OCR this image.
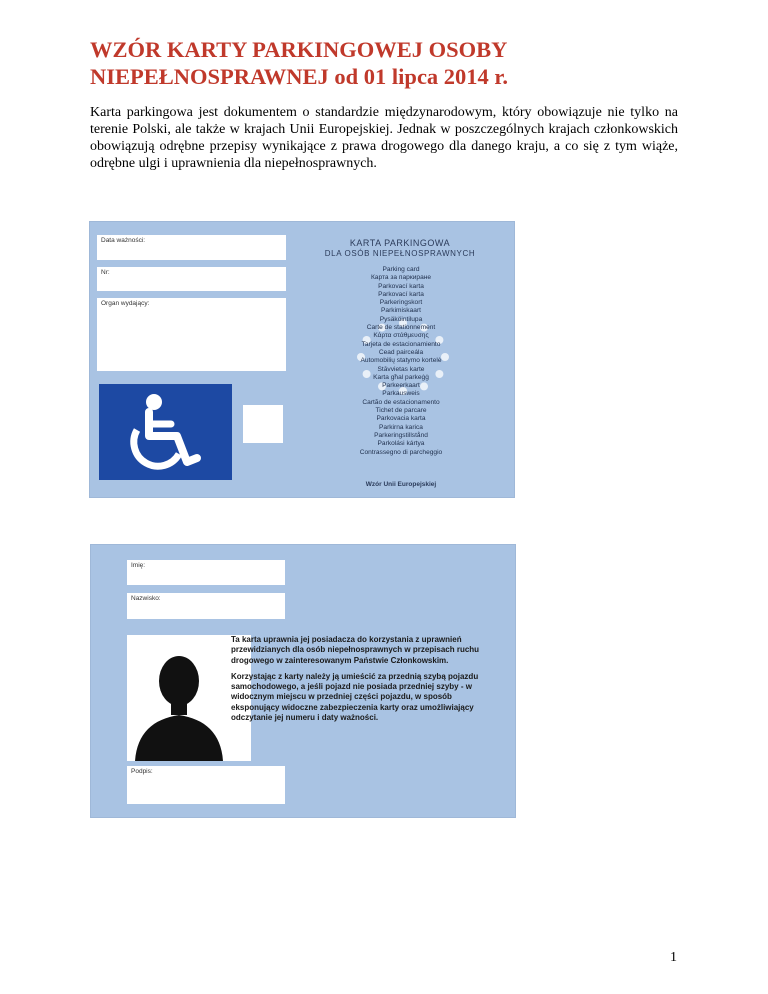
WZÓR KARTY PARKINGOWEJ OSOBY
NIEPEŁNOSPRAWNEJ od 01 lipca 2014 r.

Karta parkingowa jest dokumentem o standardzie międzynarodowym, który obowiązuje nie tylko na terenie Polski, ale także w krajach Unii Europejskiej. Jednak w poszczególnych krajach członkowskich obowiązują odrębne przepisy wynikające z prawa drogowego dla danego kraju, a co się z tym wiąże, odrębne ulgi i uprawnienia dla niepełnosprawnych.

Data ważności:
Nr:
Organ wydający:
KARTA PARKINGOWA
DLA OSÓB NIEPEŁNOSPRAWNYCH
Parking card
Карта за паркиране
Parkovací karta
Parkovací karta
Parkeringskort
Parkimiskaart
Pysäköintilupa
Carte de stationnement
Κάρτα στάθμευσης
Tarjeta de estacionamiento
Cead pairceála
Automobilių statymo kortelė
Stāvvietas karte
Karta għal parkeġġ
Parkeerkaart
Parkausweis
Cartão de estacionamento
Tichet de parcare
Parkovacia karta
Parkirna karica
Parkeringstillstånd
Parkolási kártya
Contrassegno di parcheggio
Wzór Unii Europejskiej
Imię:
Nazwisko:
Podpis:

Ta karta uprawnia jej posiadacza do korzystania z uprawnień przewidzianych dla osób niepełnosprawnych w przepisach ruchu drogowego w zainteresowanym Państwie Członkowskim.

Korzystając z karty należy ją umieścić za przednią szybą pojazdu samochodowego, a jeśli pojazd nie posiada przedniej szyby - w widocznym miejscu w przedniej części pojazdu, w sposób eksponujący widoczne zabezpieczenia karty oraz umożliwiający odczytanie jej numeru i daty ważności.

1
